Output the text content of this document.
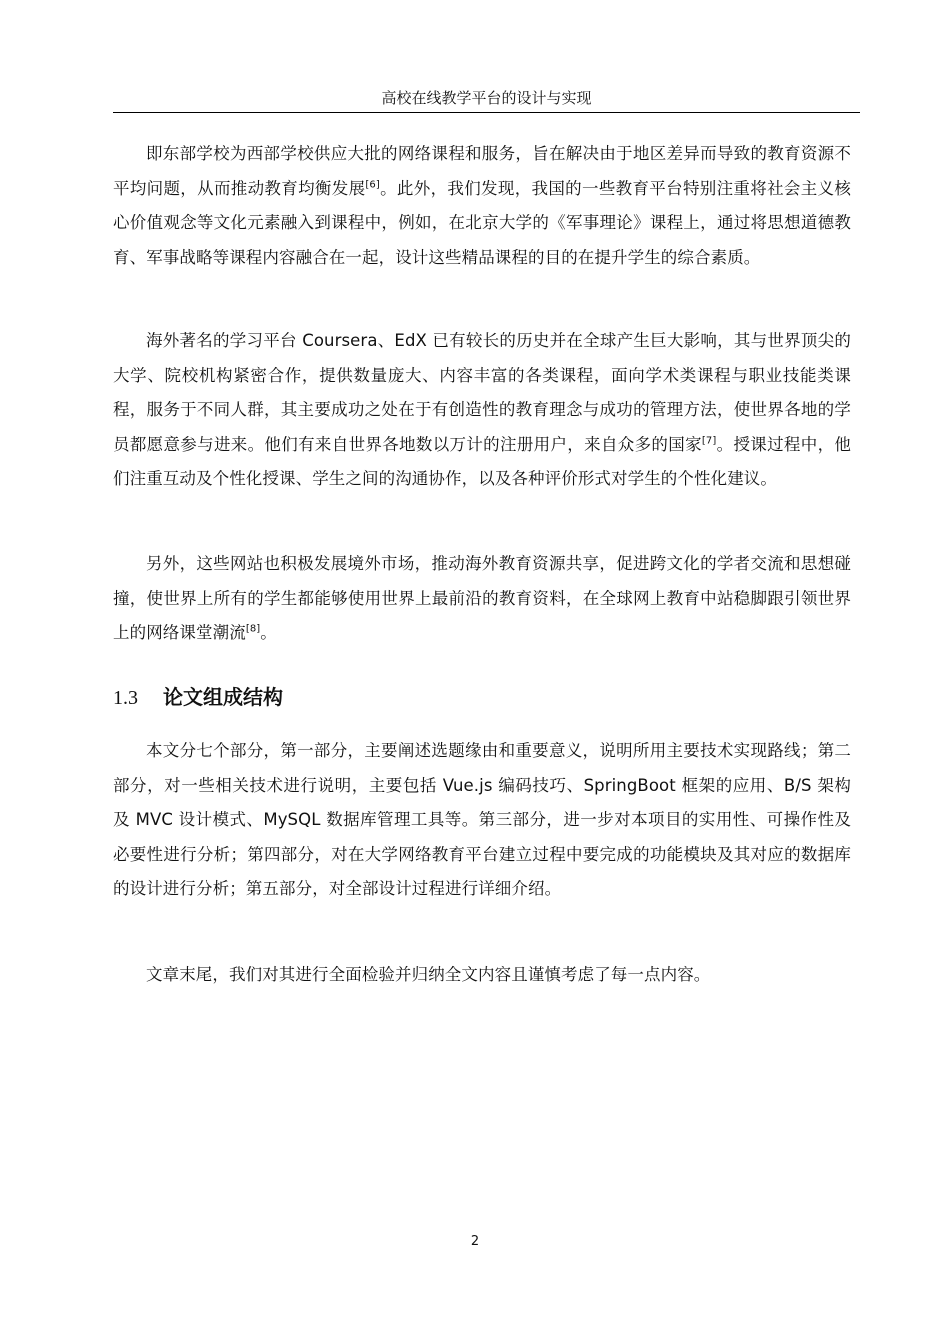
高校在线教学平台的设计与实现

即东部学校为西部学校供应大批的网络课程和服务，旨在解决由于地区差异而导致的教育资源不平均问题，从而推动教育均衡发展[6]。此外，我们发现，我国的一些教育平台特别注重将社会主义核心价值观念等文化元素融入到课程中，例如，在北京大学的《军事理论》课程上，通过将思想道德教育、军事战略等课程内容融合在一起，设计这些精品课程的目的在提升学生的综合素质。

海外著名的学习平台 Coursera、EdX 已有较长的历史并在全球产生巨大影响，其与世界顶尖的大学、院校机构紧密合作，提供数量庞大、内容丰富的各类课程，面向学术类课程与职业技能类课程，服务于不同人群，其主要成功之处在于有创造性的教育理念与成功的管理方法，使世界各地的学员都愿意参与进来。他们有来自世界各地数以万计的注册用户，来自众多的国家[7]。授课过程中，他们注重互动及个性化授课、学生之间的沟通协作，以及各种评价形式对学生的个性化建议。

另外，这些网站也积极发展境外市场，推动海外教育资源共享，促进跨文化的学者交流和思想碰撞，使世界上所有的学生都能够使用世界上最前沿的教育资料，在全球网上教育中站稳脚跟引领世界上的网络课堂潮流[8]。

1.3 论文组成结构

本文分七个部分，第一部分，主要阐述选题缘由和重要意义，说明所用主要技术实现路线；第二部分，对一些相关技术进行说明，主要包括 Vue.js 编码技巧、SpringBoot 框架的应用、B/S 架构及 MVC 设计模式、MySQL 数据库管理工具等。第三部分，进一步对本项目的实用性、可操作性及必要性进行分析；第四部分，对在大学网络教育平台建立过程中要完成的功能模块及其对应的数据库的设计进行分析；第五部分，对全部设计过程进行详细介绍。

文章末尾，我们对其进行全面检验并归纳全文内容且谨慎考虑了每一点内容。

2
